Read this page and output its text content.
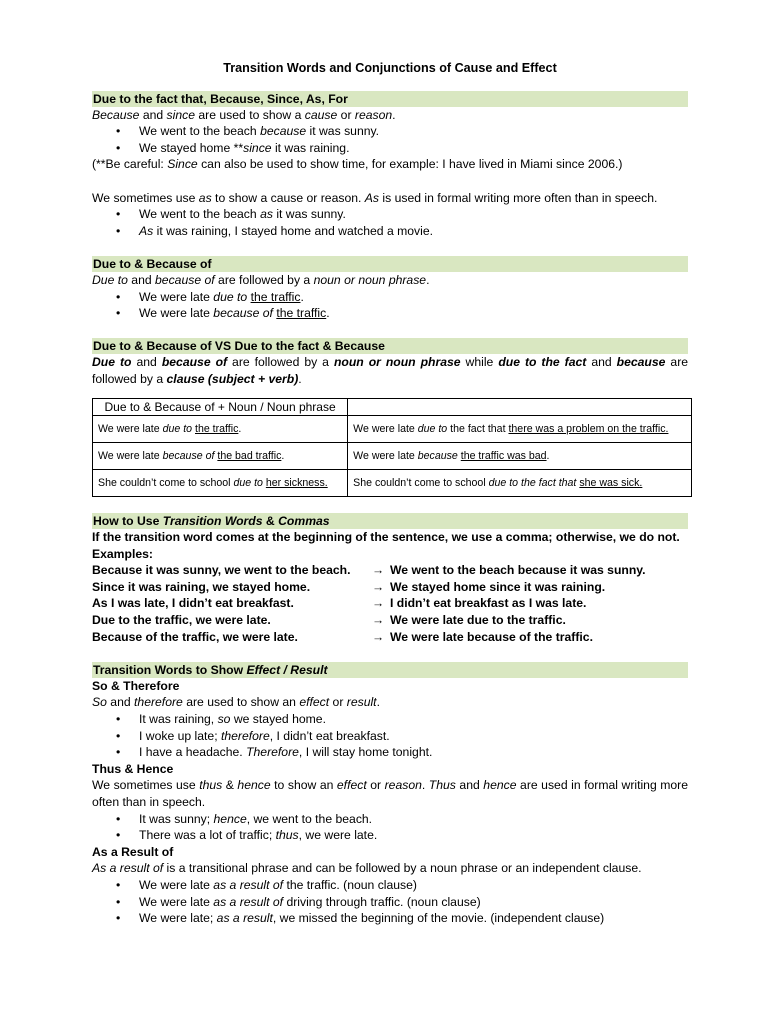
Transition Words and Conjunctions of Cause and Effect
Due to the fact that, Because, Since, As, For

Because and since are used to show a cause or reason.

• We went to the beach because it was sunny.
• We stayed home **since it was raining.

(**Be careful: Since can also be used to show time, for example: I have lived in Miami since 2006.)

We sometimes use as to show a cause or reason. As is used in formal writing more often than in speech.

• We went to the beach as it was sunny.
• As it was raining, I stayed home and watched a movie.
Due to & Because of

Due to and because of are followed by a noun or noun phrase.

• We were late due to the traffic.
• We were late because of the traffic.
Due to & Because of VS Due to the fact & Because

Due to and because of are followed by a noun or noun phrase while due to the fact and because are followed by a clause (subject + verb).

Due to & Because of + Noun / Noun phrase	
We were late due to the traffic.	We were late due to the fact that there was a problem on the traffic.
We were late because of the bad traffic.	We were late because the traffic was bad.
She couldn’t come to school due to her sickness.	She couldn’t come to school due to the fact that she was sick.
How to Use Transition Words & Commas

If the transition word comes at the beginning of the sentence, we use a comma; otherwise, we do not.

Examples:

Because it was sunny, we went to the beach.	→ We went to the beach because it was sunny.
Since it was raining, we stayed home.	→ We stayed home since it was raining.
As I was late, I didn’t eat breakfast.	→ I didn’t eat breakfast as I was late.
Due to the traffic, we were late.	→ We were late due to the traffic.
Because of the traffic, we were late.	→ We were late because of the traffic.
Transition Words to Show Effect / Result

So & Therefore

So and therefore are used to show an effect or result.

• It was raining, so we stayed home.
• I woke up late; therefore, I didn’t eat breakfast.
• I have a headache. Therefore, I will stay home tonight.

Thus & Hence

We sometimes use thus & hence to show an effect or reason. Thus and hence are used in formal writing more often than in speech.

• It was sunny; hence, we went to the beach.
• There was a lot of traffic; thus, we were late.

As a Result of

As a result of is a transitional phrase and can be followed by a noun phrase or an independent clause.

• We were late as a result of the traffic. (noun clause)
• We were late as a result of driving through traffic. (noun clause)
• We were late; as a result, we missed the beginning of the movie. (independent clause)
